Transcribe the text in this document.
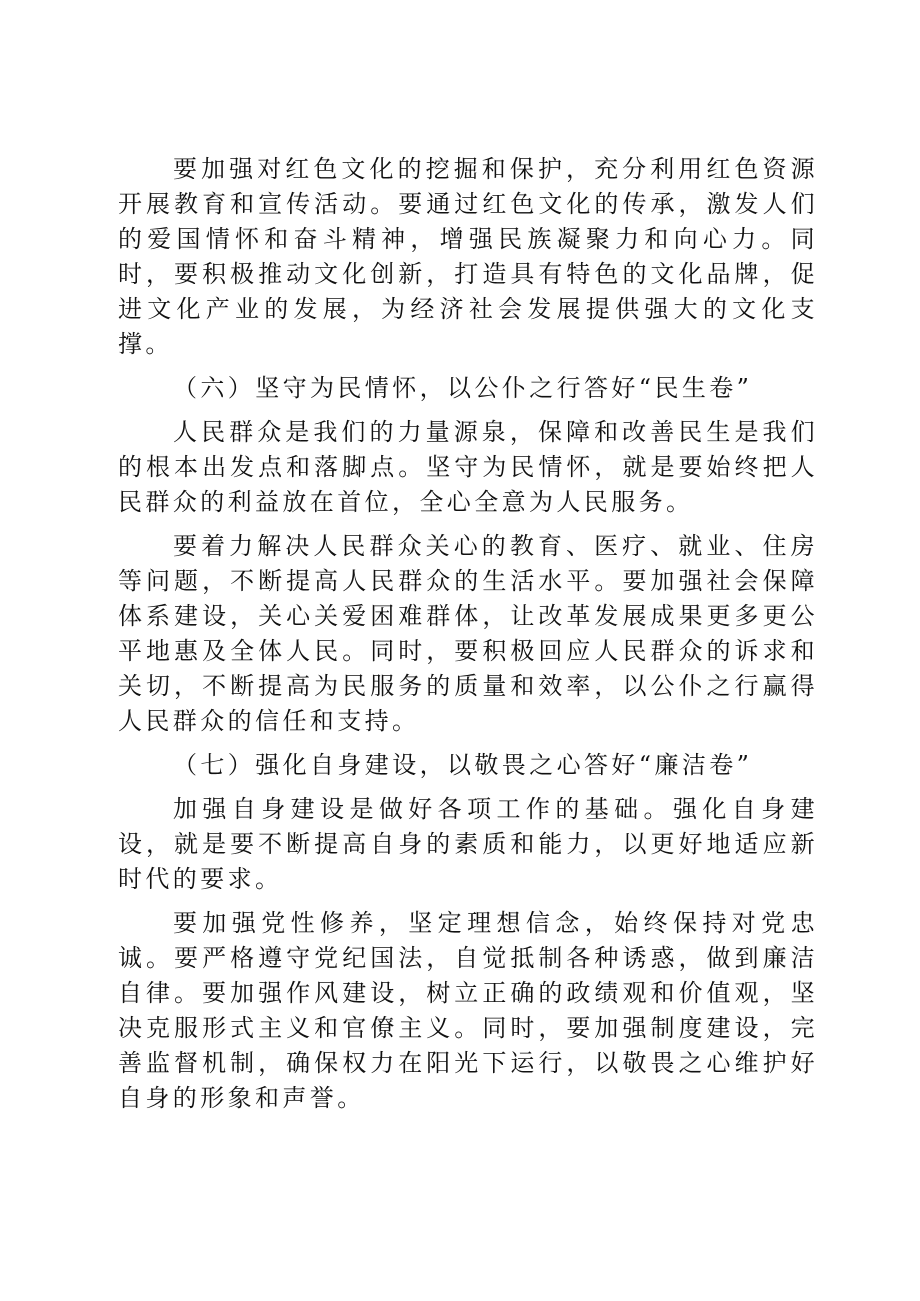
要加强对红色文化的挖掘和保护，充分利用红色资源开展教育和宣传活动。要通过红色文化的传承，激发人们的爱国情怀和奋斗精神，增强民族凝聚力和向心力。同时，要积极推动文化创新，打造具有特色的文化品牌，促进文化产业的发展，为经济社会发展提供强大的文化支撑。

（六）坚守为民情怀，以公仆之行答好“民生卷”

人民群众是我们的力量源泉，保障和改善民生是我们的根本出发点和落脚点。坚守为民情怀，就是要始终把人民群众的利益放在首位，全心全意为人民服务。

要着力解决人民群众关心的教育、医疗、就业、住房等问题，不断提高人民群众的生活水平。要加强社会保障体系建设，关心关爱困难群体，让改革发展成果更多更公平地惠及全体人民。同时，要积极回应人民群众的诉求和关切，不断提高为民服务的质量和效率，以公仆之行赢得人民群众的信任和支持。

（七）强化自身建设，以敬畏之心答好“廉洁卷”

加强自身建设是做好各项工作的基础。强化自身建设，就是要不断提高自身的素质和能力，以更好地适应新时代的要求。

要加强党性修养，坚定理想信念，始终保持对党忠诚。要严格遵守党纪国法，自觉抵制各种诱惑，做到廉洁自律。要加强作风建设，树立正确的政绩观和价值观，坚决克服形式主义和官僚主义。同时，要加强制度建设，完善监督机制，确保权力在阳光下运行，以敬畏之心维护好自身的形象和声誉。
